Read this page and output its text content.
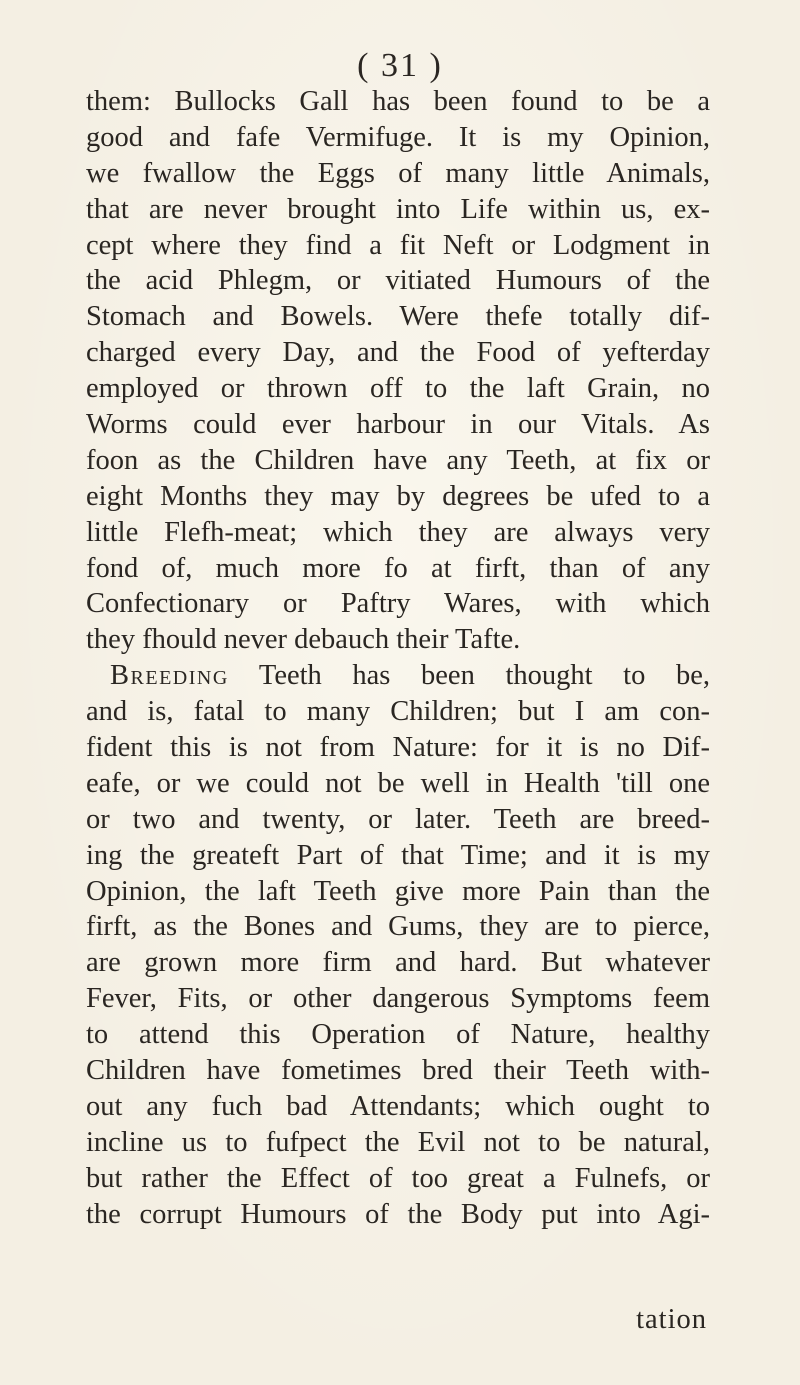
( 31 )
them: Bullocks Gall has been found to be a
good and fafe Vermifuge. It is my Opinion,
we fwallow the Eggs of many little Animals,
that are never brought into Life within us, ex-
cept where they find a fit Neft or Lodgment in
the acid Phlegm, or vitiated Humours of the
Stomach and Bowels. Were thefe totally dif-
charged every Day, and the Food of yefterday
employed or thrown off to the laft Grain, no
Worms could ever harbour in our Vitals. As
foon as the Children have any Teeth, at fix or
eight Months they may by degrees be ufed to a
little Flefh-meat; which they are always very
fond of, much more fo at firft, than of any
Confectionary or Paftry Wares, with which
they fhould never debauch their Tafte.
Breeding Teeth has been thought to be,
and is, fatal to many Children; but I am con-
fident this is not from Nature: for it is no Dif-
eafe, or we could not be well in Health 'till one
or two and twenty, or later. Teeth are breed-
ing the greateft Part of that Time; and it is my
Opinion, the laft Teeth give more Pain than the
firft, as the Bones and Gums, they are to pierce,
are grown more firm and hard. But whatever
Fever, Fits, or other dangerous Symptoms feem
to attend this Operation of Nature, healthy
Children have fometimes bred their Teeth with-
out any fuch bad Attendants; which ought to
incline us to fufpect the Evil not to be natural,
but rather the Effect of too great a Fulnefs, or
the corrupt Humours of the Body put into Agi-
tation
